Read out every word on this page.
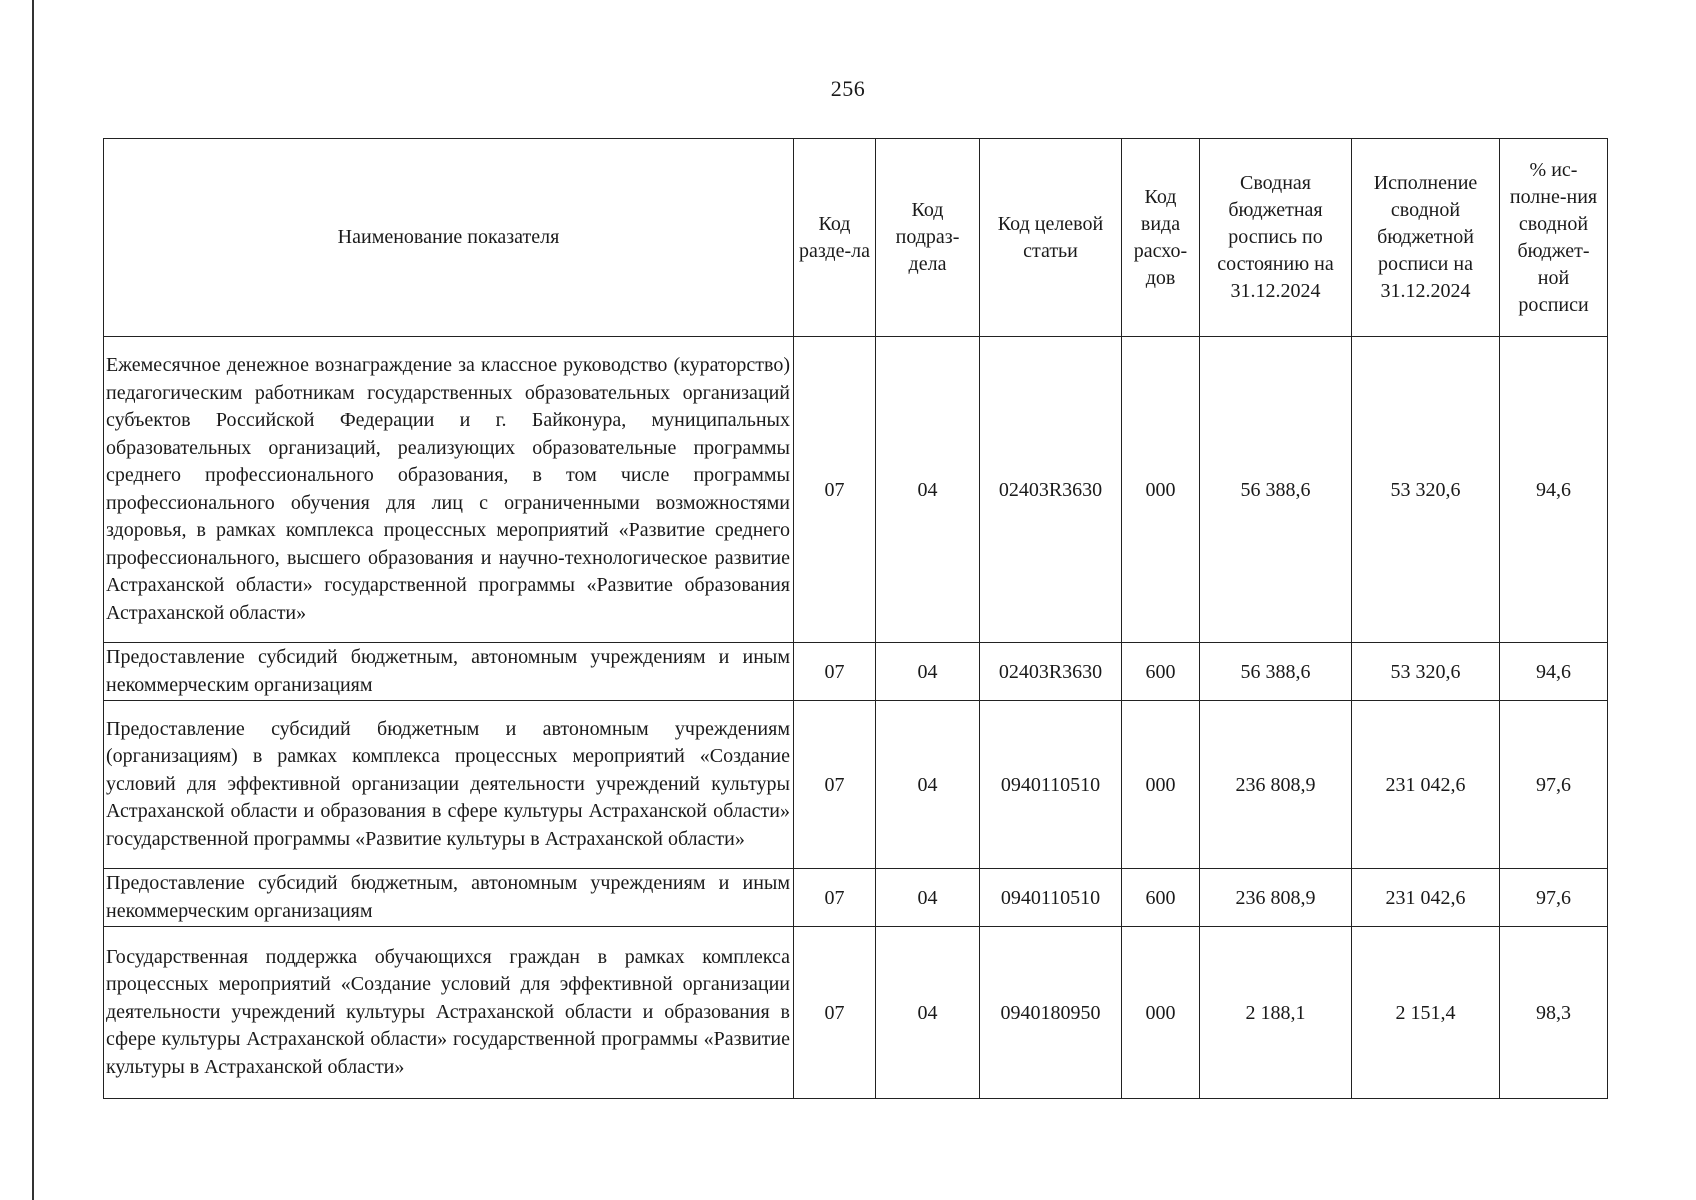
256
Наименование показателя	Код разде-ла	Код подраз-дела	Код целевой статьи	Код вида расхо-дов	Сводная бюджетная роспись по состоянию на 31.12.2024	Исполнение сводной бюджетной росписи на 31.12.2024	% ис-полне-ния сводной бюджет-ной росписи
Ежемесячное денежное вознаграждение за классное руководство (кураторство) педагогическим работникам государственных образовательных организаций субъектов Российской Федерации и г. Байконура, муниципальных образовательных организаций, реализующих образовательные программы среднего профессионального образования, в том числе программы профессионального обучения для лиц с ограниченными возможностями здоровья, в рамках комплекса процессных мероприятий «Развитие среднего профессионального, высшего образования и научно-технологическое развитие Астраханской области» государственной программы «Развитие образования Астраханской области»	07	04	02403R3630	000	56 388,6	53 320,6	94,6
Предоставление субсидий бюджетным, автономным учреждениям и иным некоммерческим организациям	07	04	02403R3630	600	56 388,6	53 320,6	94,6
Предоставление субсидий бюджетным и автономным учреждениям (организациям) в рамках комплекса процессных мероприятий «Создание условий для эффективной организации деятельности учреждений культуры Астраханской области и образования в сфере культуры Астраханской области» государственной программы «Развитие культуры в Астраханской области»	07	04	0940110510	000	236 808,9	231 042,6	97,6
Предоставление субсидий бюджетным, автономным учреждениям и иным некоммерческим организациям	07	04	0940110510	600	236 808,9	231 042,6	97,6
Государственная поддержка обучающихся граждан в рамках комплекса процессных мероприятий «Создание условий для эффективной организации деятельности учреждений культуры Астраханской области и образования в сфере культуры Астраханской области» государственной программы «Развитие культуры в Астраханской области»	07	04	0940180950	000	2 188,1	2 151,4	98,3
